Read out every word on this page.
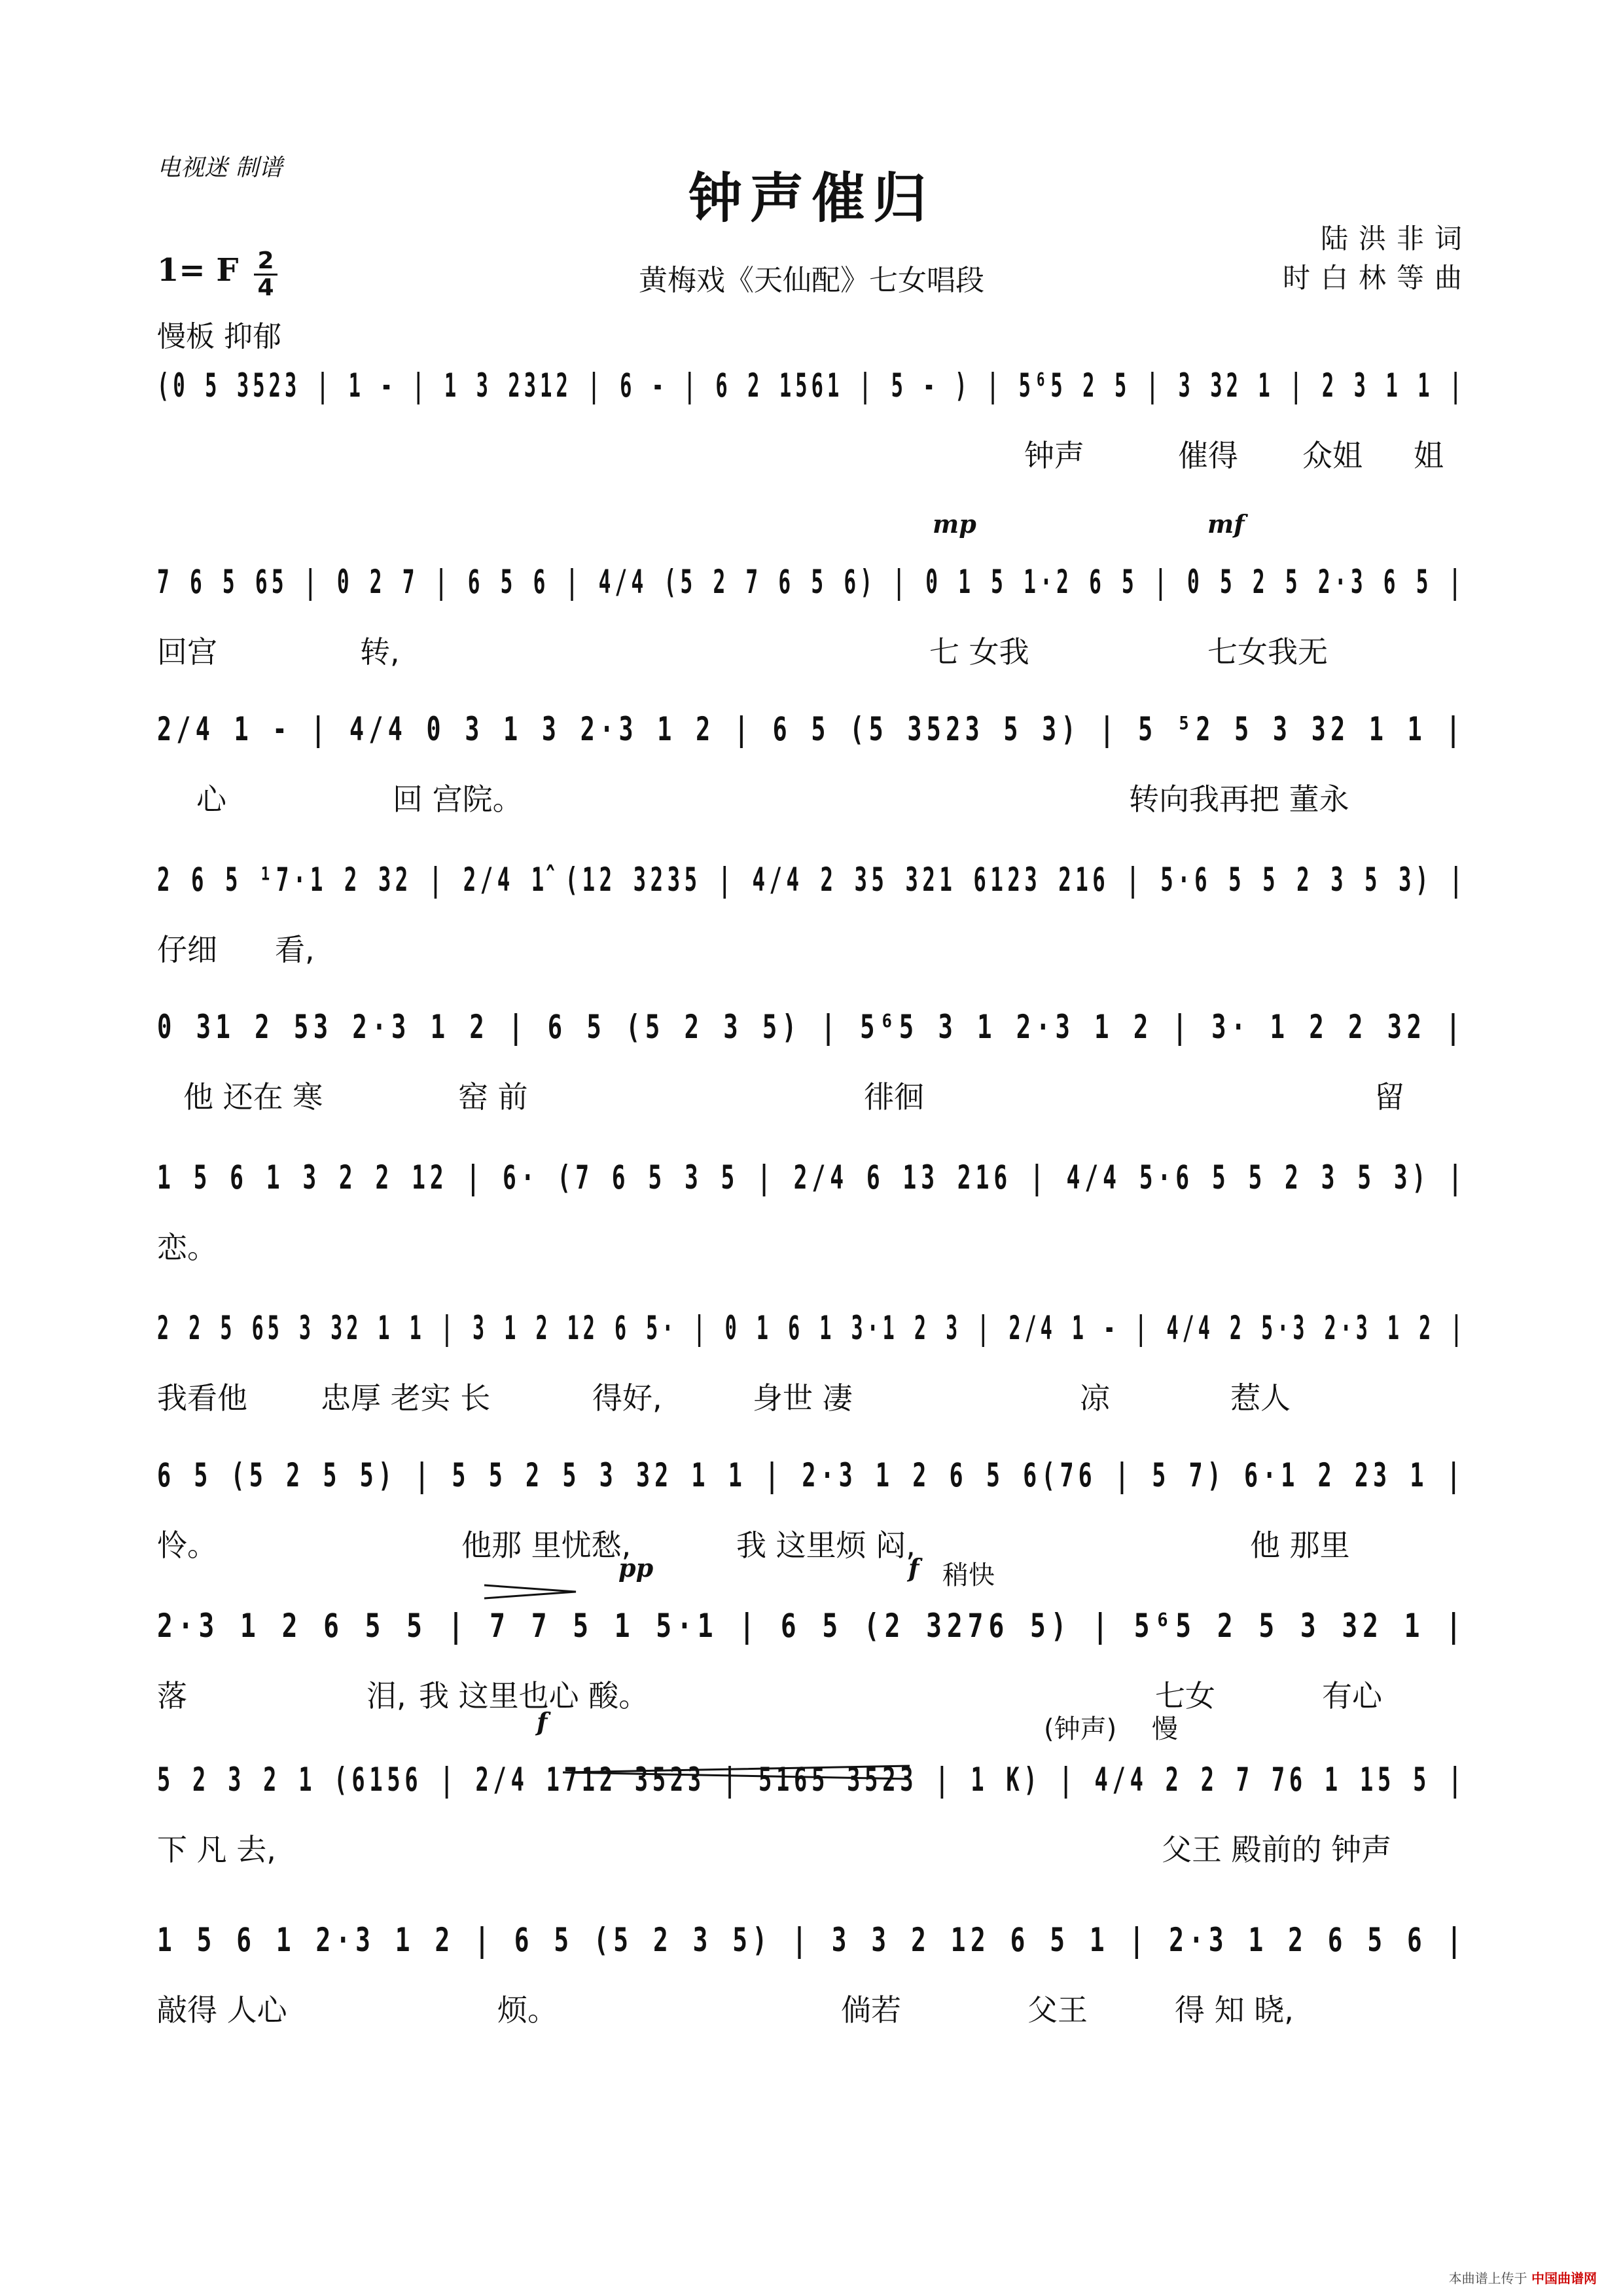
电视迷 制谱	钟声催归
黄梅戏《天仙配》七女唱段
陆洪非词
时白林等曲
1= F 2
4
慢板 抑郁
(0 5 3523 | 1 - | 1 3 2312 | 6 - | 6 2 1561 | 5 - ) | 5⁶5 2 5 | 3 32 1 | 2 3 1 1 |
钟声	催得 众姐 姐
7 6 5 65 | 0 2 7 | 6 5 6 | 4/4 (5 2 7 6 5 6) | 0 1 5 1·2 6 5 | 0 5 2 5 2·3 6 5 |
回宫	转,	七 女我	七女我无
mp	mf
2/4 1 - | 4/4 0 3 1 3 2·3 1 2 | 6 5 (5 3523 5 3) | 5 ⁵2 5 3 32 1 1 |
心	回 宫院。	转向我再把 董永
2 6 5 ¹7·1 2 32 | 2/4 1̂ (12 3235 | 4/4 2 35 321 6123 216 | 5·6 5 5 2 3 5 3) |
仔细 看,
0 31 2 53 2·3 1 2 | 6 5 (5 2 3 5) | 5⁶5 3 1 2·3 1 2 | 3· 1 2 2 32 |
他 还在 寒	窑 前	徘徊	留
1 5 6 1 3 2 2 12 | 6· (7 6 5 3 5 | 2/4 6 13 216 | 4/4 5·6 5 5 2 3 5 3) |
恋。
2 2 5 65 3 32 1 1 | 3 1 2 12 6 5· | 0 1 6 1 3·1 2 3 | 2/4 1 - | 4/4 2 5·3 2·3 1 2 |
我看他 忠厚 老实 长	得好,	身世 凄	凉	惹人
6 5 (5 2 5 5) | 5 5 2 5 3 32 1 1 | 2·3 1 2 6 5 6(76 | 5 7) 6·1 2 23 1 |
怜。	他那 里忧愁,	我 这里烦 闷,	他 那里
2·3 1 2 6 5 5 | 7 7 5 1 5·1 | 6 5 (2 3276 5) | 5⁶5 2 5 3 32 1 |
落	泪, 我 这里也心 酸。	七女	有心
pp	f 稍快
5 2 3 2 1 (6156 | 2/4 1712 3523 | 5165 3523 | 1 K) | 4/4 2 2 7 76 1 15 5 |
下 凡 去,	父王 殿前的 钟声
f	(钟声) 慢
1 5 6 1 2·3 1 2 | 6 5 (5 2 3 5) | 3 3 2 12 6 5 1 | 2·3 1 2 6 5 6 |
敲得 人心	烦。	倘若	父王	得 知 晓,
本曲谱上传于 中国曲谱网
